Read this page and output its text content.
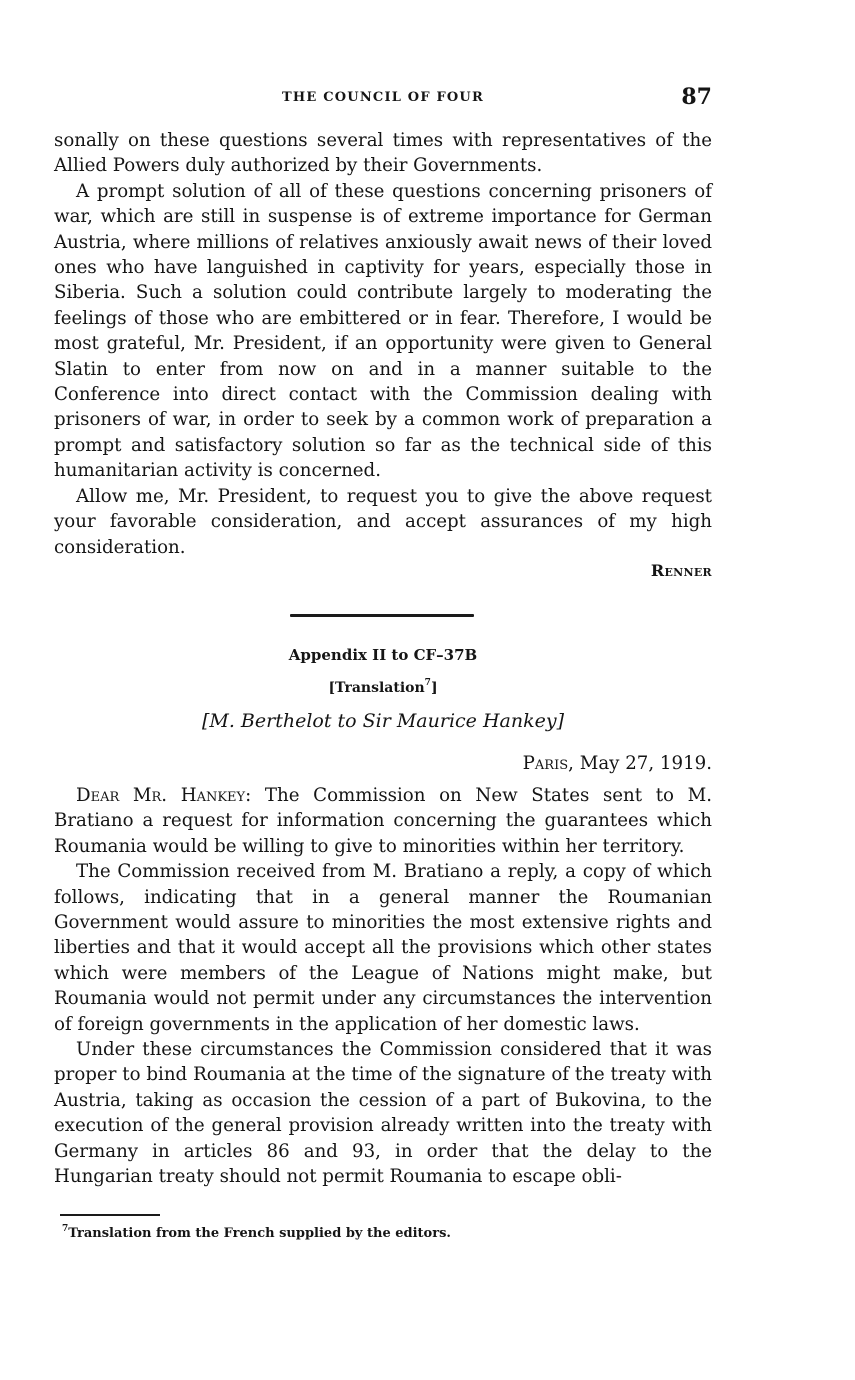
THE COUNCIL OF FOUR	87

sonally on these questions several times with representatives of the Allied Powers duly authorized by their Governments.

A prompt solution of all of these questions concerning prisoners of war, which are still in suspense is of extreme importance for German Austria, where millions of relatives anxiously await news of their loved ones who have languished in captivity for years, especially those in Siberia. Such a solution could contribute largely to moderating the feelings of those who are embittered or in fear. Therefore, I would be most grateful, Mr. President, if an opportunity were given to General Slatin to enter from now on and in a manner suitable to the Conference into direct contact with the Commission dealing with prisoners of war, in order to seek by a common work of preparation a prompt and satisfactory solution so far as the technical side of this humanitarian activity is concerned.

Allow me, Mr. President, to request you to give the above request your favorable consideration, and accept assurances of my high consideration.

Renner
Appendix II to CF–37B
[Translation$^7$]
[M. Berthelot to Sir Maurice Hankey]
Paris, May 27, 1919.

Dear Mr. Hankey: The Commission on New States sent to M. Bratiano a request for information concerning the guarantees which Roumania would be willing to give to minorities within her territory.

The Commission received from M. Bratiano a reply, a copy of which follows, indicating that in a general manner the Roumanian Government would assure to minorities the most extensive rights and liberties and that it would accept all the provisions which other states which were members of the League of Nations might make, but Roumania would not permit under any circumstances the intervention of foreign governments in the application of her domestic laws.

Under these circumstances the Commission considered that it was proper to bind Roumania at the time of the signature of the treaty with Austria, taking as occasion the cession of a part of Bukovina, to the execution of the general provision already written into the treaty with Germany in articles 86 and 93, in order that the delay to the Hungarian treaty should not permit Roumania to escape obli-

$^7$Translation from the French supplied by the editors.
